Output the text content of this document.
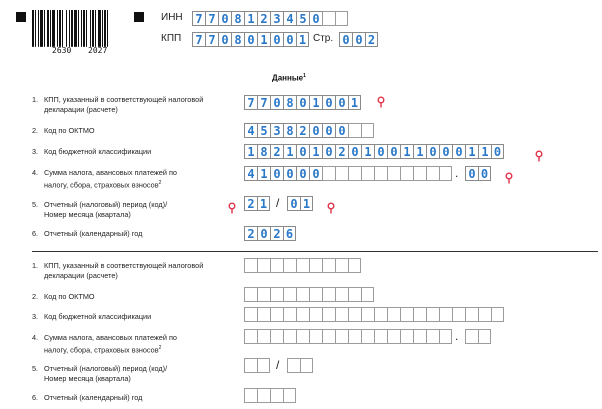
2630 2027
ИНН 7 7 0 8 1 2 3 4 5 0
КПП 7 7 0 8 0 1 0 0 1 Стр. 0 0 2
Данные$^1$
1. КПП, указанный в соответствующей налоговой
декларации (расчете)	7 7 0 8 0 1 0 0 1
2. Код по ОКТМО	4 5 3 8 2 0 0 0
3. Код бюджетной классификации	1 8 2 1 0 1 0 2 0 1 0 0 1 1 0 0 0 1 1 0
4. Сумма налога, авансовых платежей по
налогу, сбора, страховых взносов$^2$
4 1 0 0 0 0	. 0 0
5. Отчетный (налоговый) период (код)/
Номер месяца (квартала)
2 1 / 0 1
6. Отчетный (календарный) год	2 0 2 6
1. КПП, указанный в соответствующей налоговой
декларации (расчете)
2. Код по ОКТМО
3. Код бюджетной классификации
4. Сумма налога, авансовых платежей по
налогу, сбора, страховых взносов$^2$
.
5. Отчетный (налоговый) период (код)/
Номер месяца (квартала)
/
6. Отчетный (календарный) год
